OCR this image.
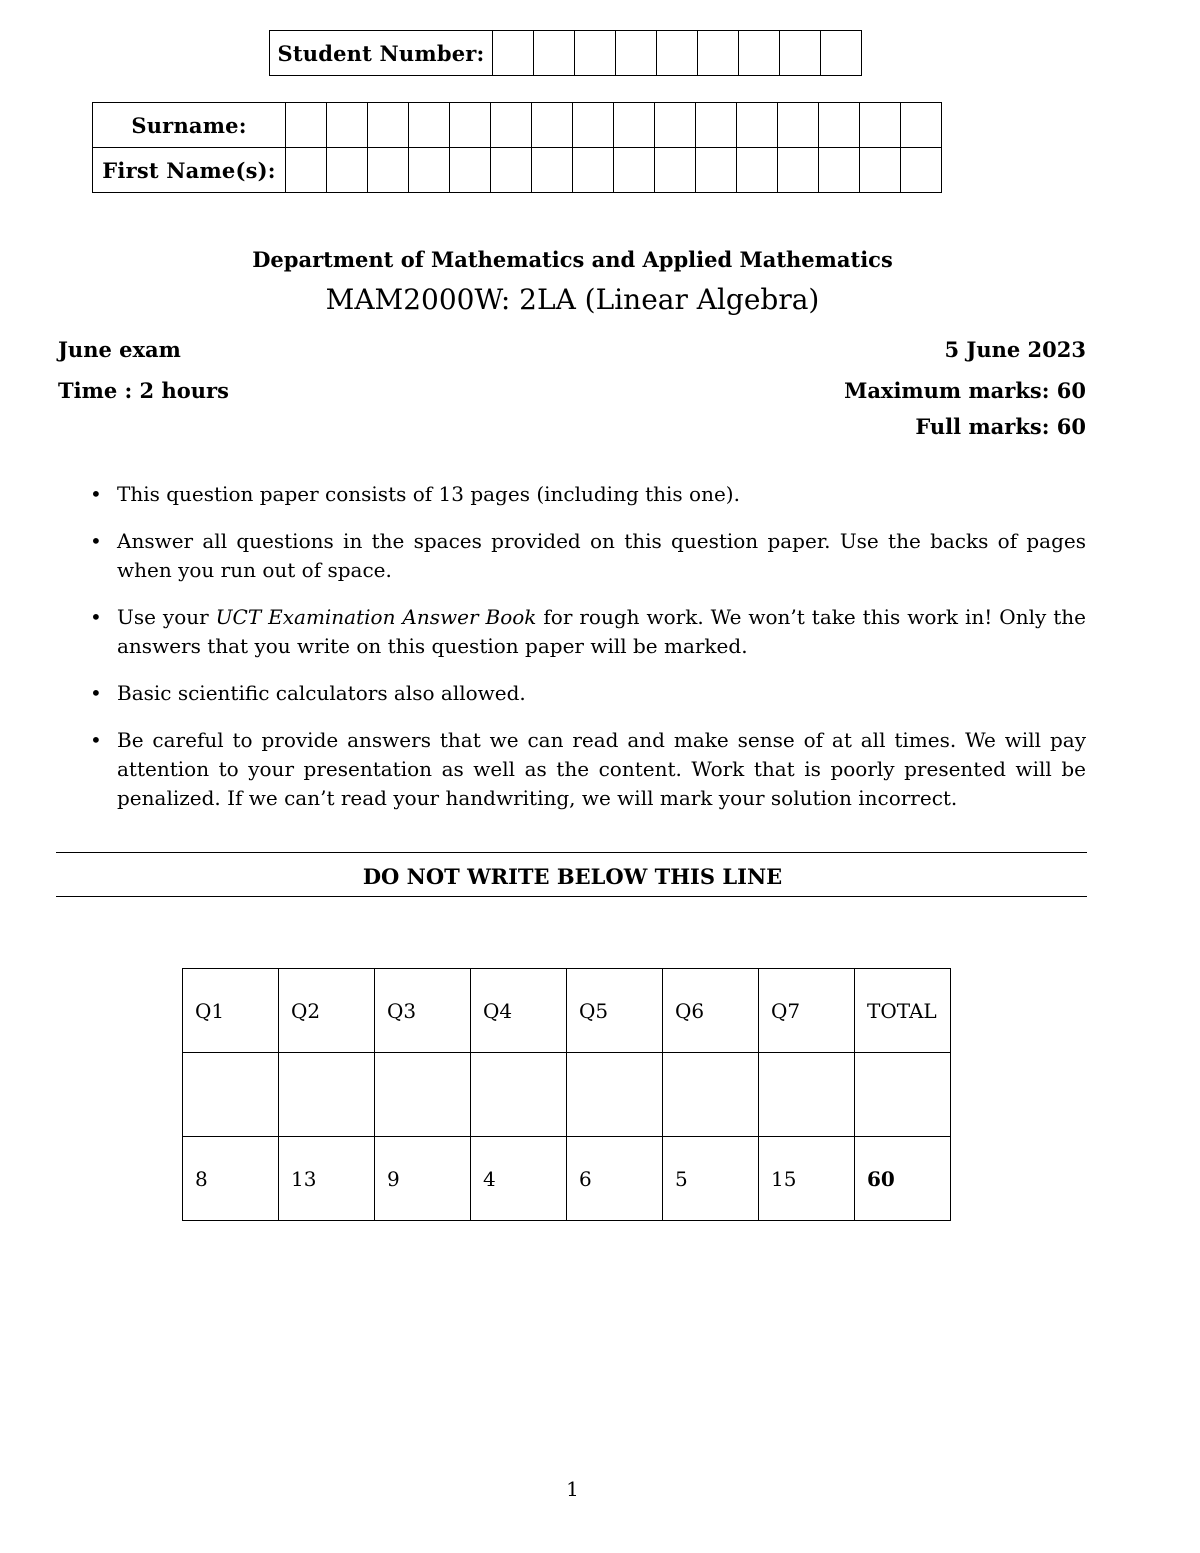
Student Number:									
Surname:																
First Name(s):																
Department of Mathematics and Applied Mathematics
MAM2000W: 2LA (Linear Algebra)
June exam	5 June 2023
Time : 2 hours	Maximum marks: 60
Full marks: 60
• This question paper consists of 13 pages (including this one).
• Answer all questions in the spaces provided on this question paper. Use the backs of pages when you run out of space.
• Use your UCT Examination Answer Book for rough work. We won’t take this work in! Only the answers that you write on this question paper will be marked.
• Basic scientific calculators also allowed.
• Be careful to provide answers that we can read and make sense of at all times. We will pay attention to your presentation as well as the content. Work that is poorly presented will be penalized. If we can’t read your handwriting, we will mark your solution incorrect.
DO NOT WRITE BELOW THIS LINE
Q1	Q2	Q3	Q4	Q5	Q6	Q7	TOTAL

8	13	9	4	6	5	15	60
1
